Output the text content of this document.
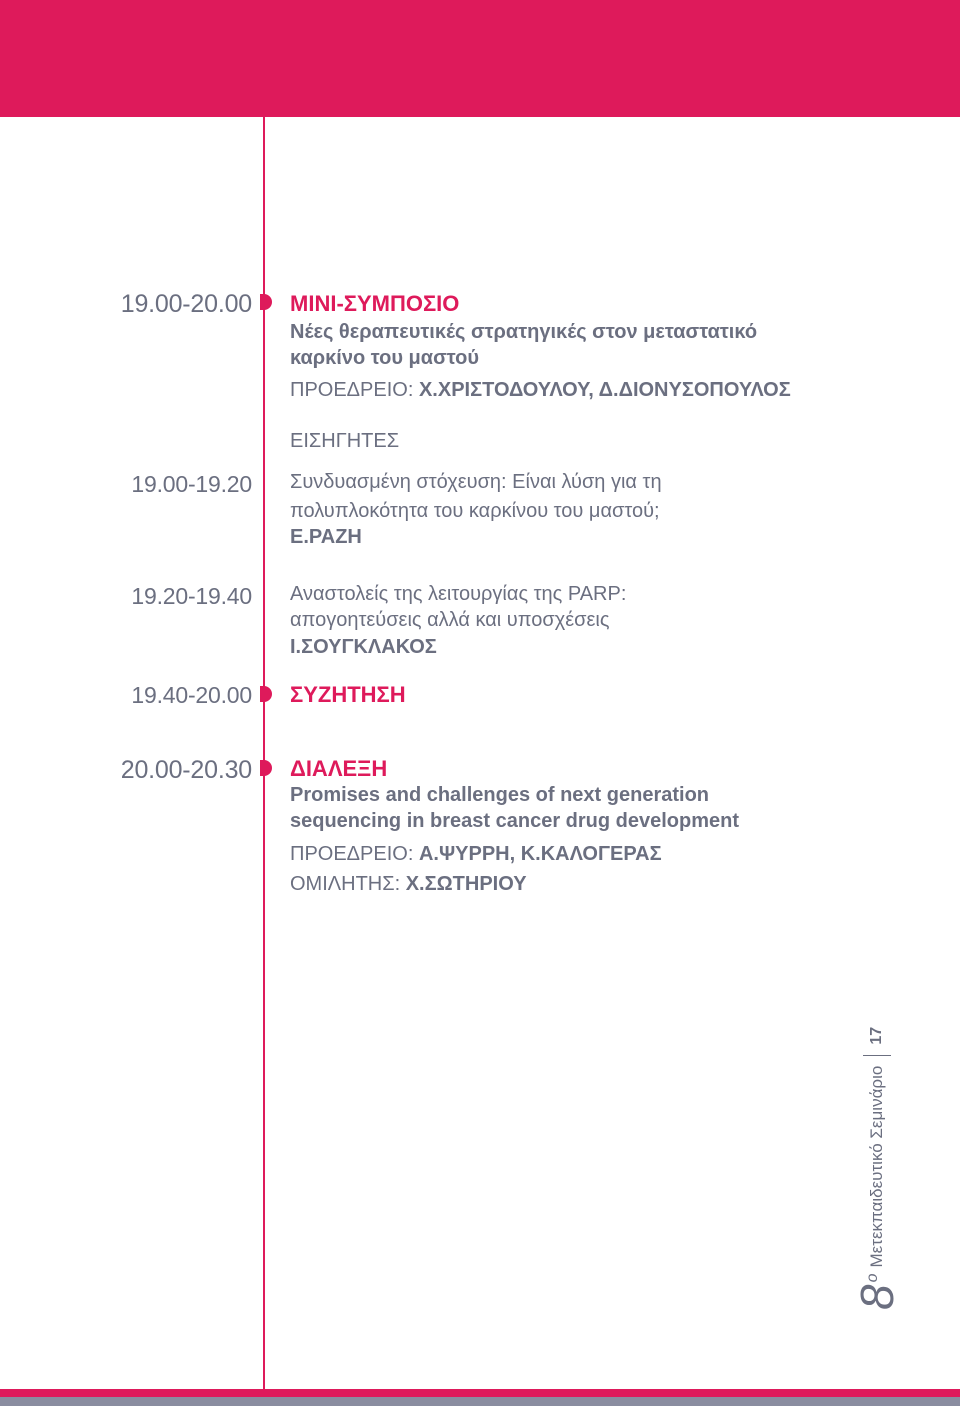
19.00-20.00
19.00-19.20
19.20-19.40
19.40-20.00
20.00-20.30
ΜΙΝΙ-ΣΥΜΠΟΣΙΟ
Νέες θεραπευτικές στρατηγικές στον μεταστατικό
καρκίνο του μαστού
ΠΡΟΕΔΡΕΙΟ: Χ.ΧΡΙΣΤΟΔΟΥΛΟΥ, Δ.ΔΙΟΝΥΣΟΠΟΥΛΟΣ
ΕΙΣΗΓΗΤΕΣ
Συνδυασμένη στόχευση: Είναι λύση για τη
πολυπλοκότητα του καρκίνου του μαστού;
Ε.ΡΑΖΗ
Αναστολείς της λειτουργίας της PARP:
απογοητεύσεις αλλά και υποσχέσεις
Ι.ΣΟΥΓΚΛΑΚΟΣ
ΣΥΖΗΤΗΣΗ
ΔΙΑΛΕΞΗ
Promises and challenges of next generation
sequencing in breast cancer drug development
ΠΡΟΕΔΡΕΙΟ: Α.ΨΥΡΡΗ, Κ.ΚΑΛΟΓΕΡΑΣ
ΟΜΙΛΗΤΗΣ: Χ.ΣΩΤΗΡΙΟΥ
$8^o$
Μετεκπαιδευτικό Σεμινάριο
17
